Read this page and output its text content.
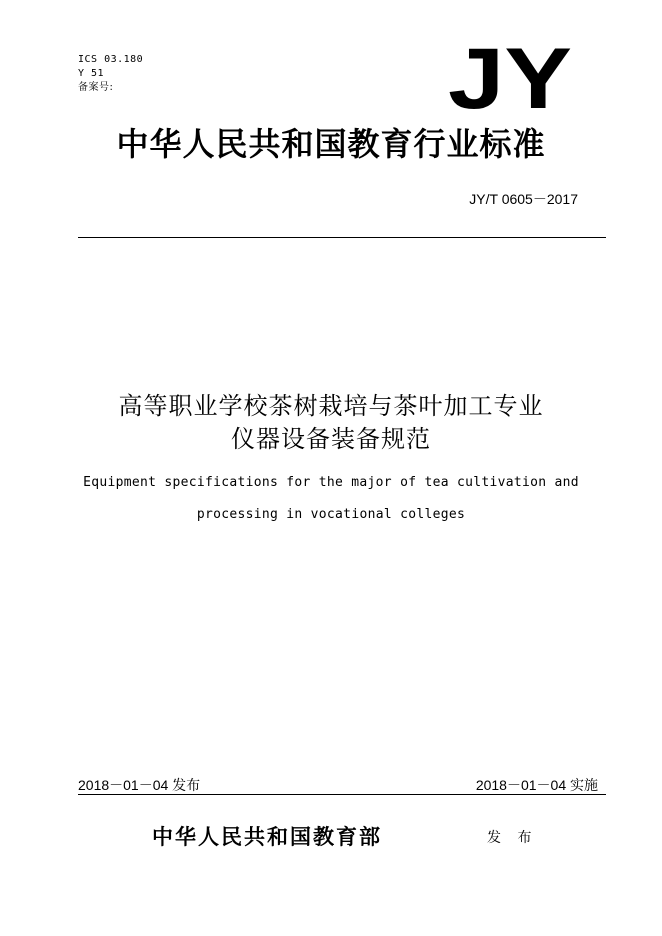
ICS 03.180
Y 51
备案号:	JY
中华人民共和国教育行业标准
JY/T 0605－2017
高等职业学校茶树栽培与茶叶加工专业
仪器设备装备规范
Equipment specifications for the major of tea cultivation and
processing in vocational colleges
2018－01－04 发布	2018－01－04 实施
中华人民共和国教育部	发 布
